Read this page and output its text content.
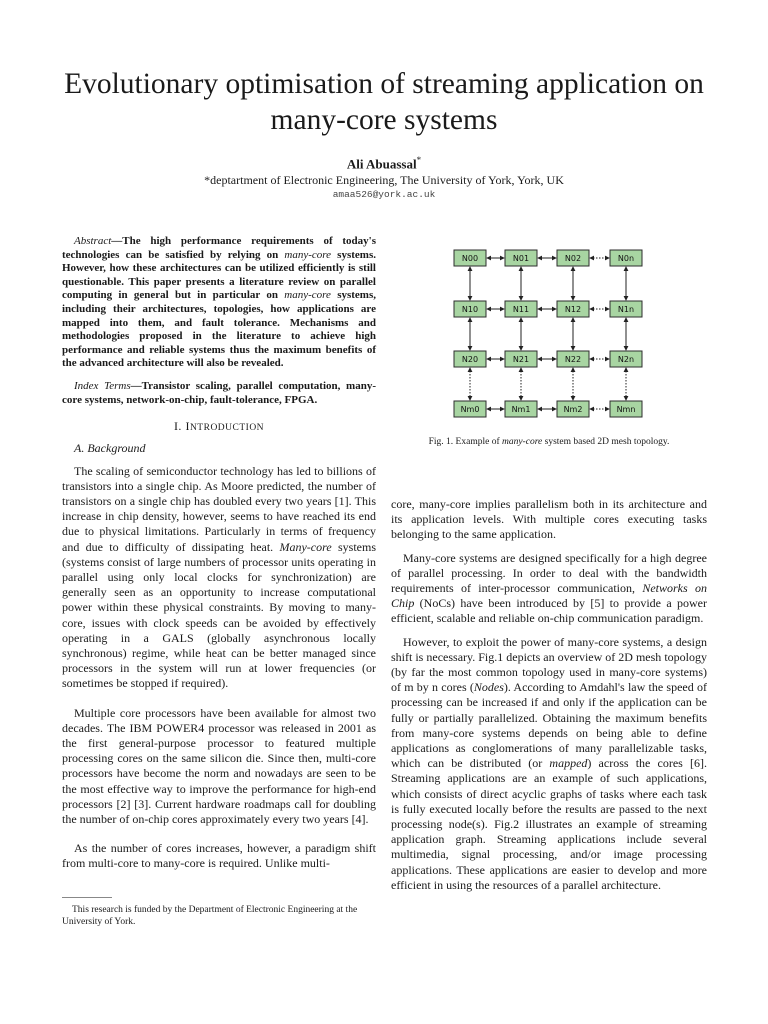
Evolutionary optimisation of streaming application on many-core systems
Ali Abuassal*
*deptartment of Electronic Engineering, The University of York, York, UK
amaa526@york.ac.uk
Abstract—The high performance requirements of today's technologies can be satisfied by relying on many-core systems. However, how these architectures can be utilized efficiently is still questionable. This paper presents a literature review on parallel computing in general but in particular on many-core systems, including their architectures, topologies, how applications are mapped into them, and fault tolerance. Mechanisms and methodologies proposed in the literature to achieve high performance and reliable systems thus the maximum benefits of the advanced architecture will also be revealed.
Index Terms—Transistor scaling, parallel computation, many-core systems, network-on-chip, fault-tolerance, FPGA.
I. INTRODUCTION

A. Background

The scaling of semiconductor technology has led to billions of transistors into a single chip. As Moore predicted, the number of transistors on a single chip has doubled every two years [1]. This increase in chip density, however, seems to have reached its end due to physical limitations. Particularly in terms of frequency and due to difficulty of dissipating heat. Many-core systems (systems consist of large numbers of processor units operating in parallel using only local clocks for synchronization) are generally seen as an opportunity to increase computational power within these physical constraints. By moving to many-core, issues with clock speeds can be avoided by effectively operating in a GALS (globally asynchronous locally synchronous) regime, while heat can be better managed since processors in the system will run at lower frequencies (or sometimes be stopped if required).

Multiple core processors have been available for almost two decades. The IBM POWER4 processor was released in 2001 as the first general-purpose processor to featured multiple processing cores on the same silicon die. Since then, multi-core processors have become the norm and nowadays are seen to be the most effective way to improve the performance for high-end processors [2] [3]. Current hardware roadmaps call for doubling the number of on-chip cores approximately every two years [4].

As the number of cores increases, however, a paradigm shift from multi-core to many-core is required. Unlike multi-

This research is funded by the Department of Electronic Engineering at the University of York.
N00	N01	N02	N0n
N10	N11	N12	N1n
N20	N21	N22	N2n
Nm0	Nm1	Nm2	Nmn
Fig. 1. Example of many-core system based 2D mesh topology.

core, many-core implies parallelism both in its architecture and its application levels. With multiple cores executing tasks belonging to the same application.

Many-core systems are designed specifically for a high degree of parallel processing. In order to deal with the bandwidth requirements of inter-processor communication, Networks on Chip (NoCs) have been introduced by [5] to provide a power efficient, scalable and reliable on-chip communication paradigm.

However, to exploit the power of many-core systems, a design shift is necessary. Fig.1 depicts an overview of 2D mesh topology (by far the most common topology used in many-core systems) of m by n cores (Nodes). According to Amdahl's law the speed of processing can be increased if and only if the application can be fully or partially parallelized. Obtaining the maximum benefits from many-core systems depends on being able to define applications as conglomerations of many parallelizable tasks, which can be distributed (or mapped) across the cores [6]. Streaming applications are an example of such applications, which consists of direct acyclic graphs of tasks where each task is fully executed locally before the results are passed to the next processing node(s). Fig.2 illustrates an example of streaming application graph. Streaming applications include several multimedia, signal processing, and/or image processing applications. These applications are easier to develop and more efficient in using the resources of a parallel architecture.
